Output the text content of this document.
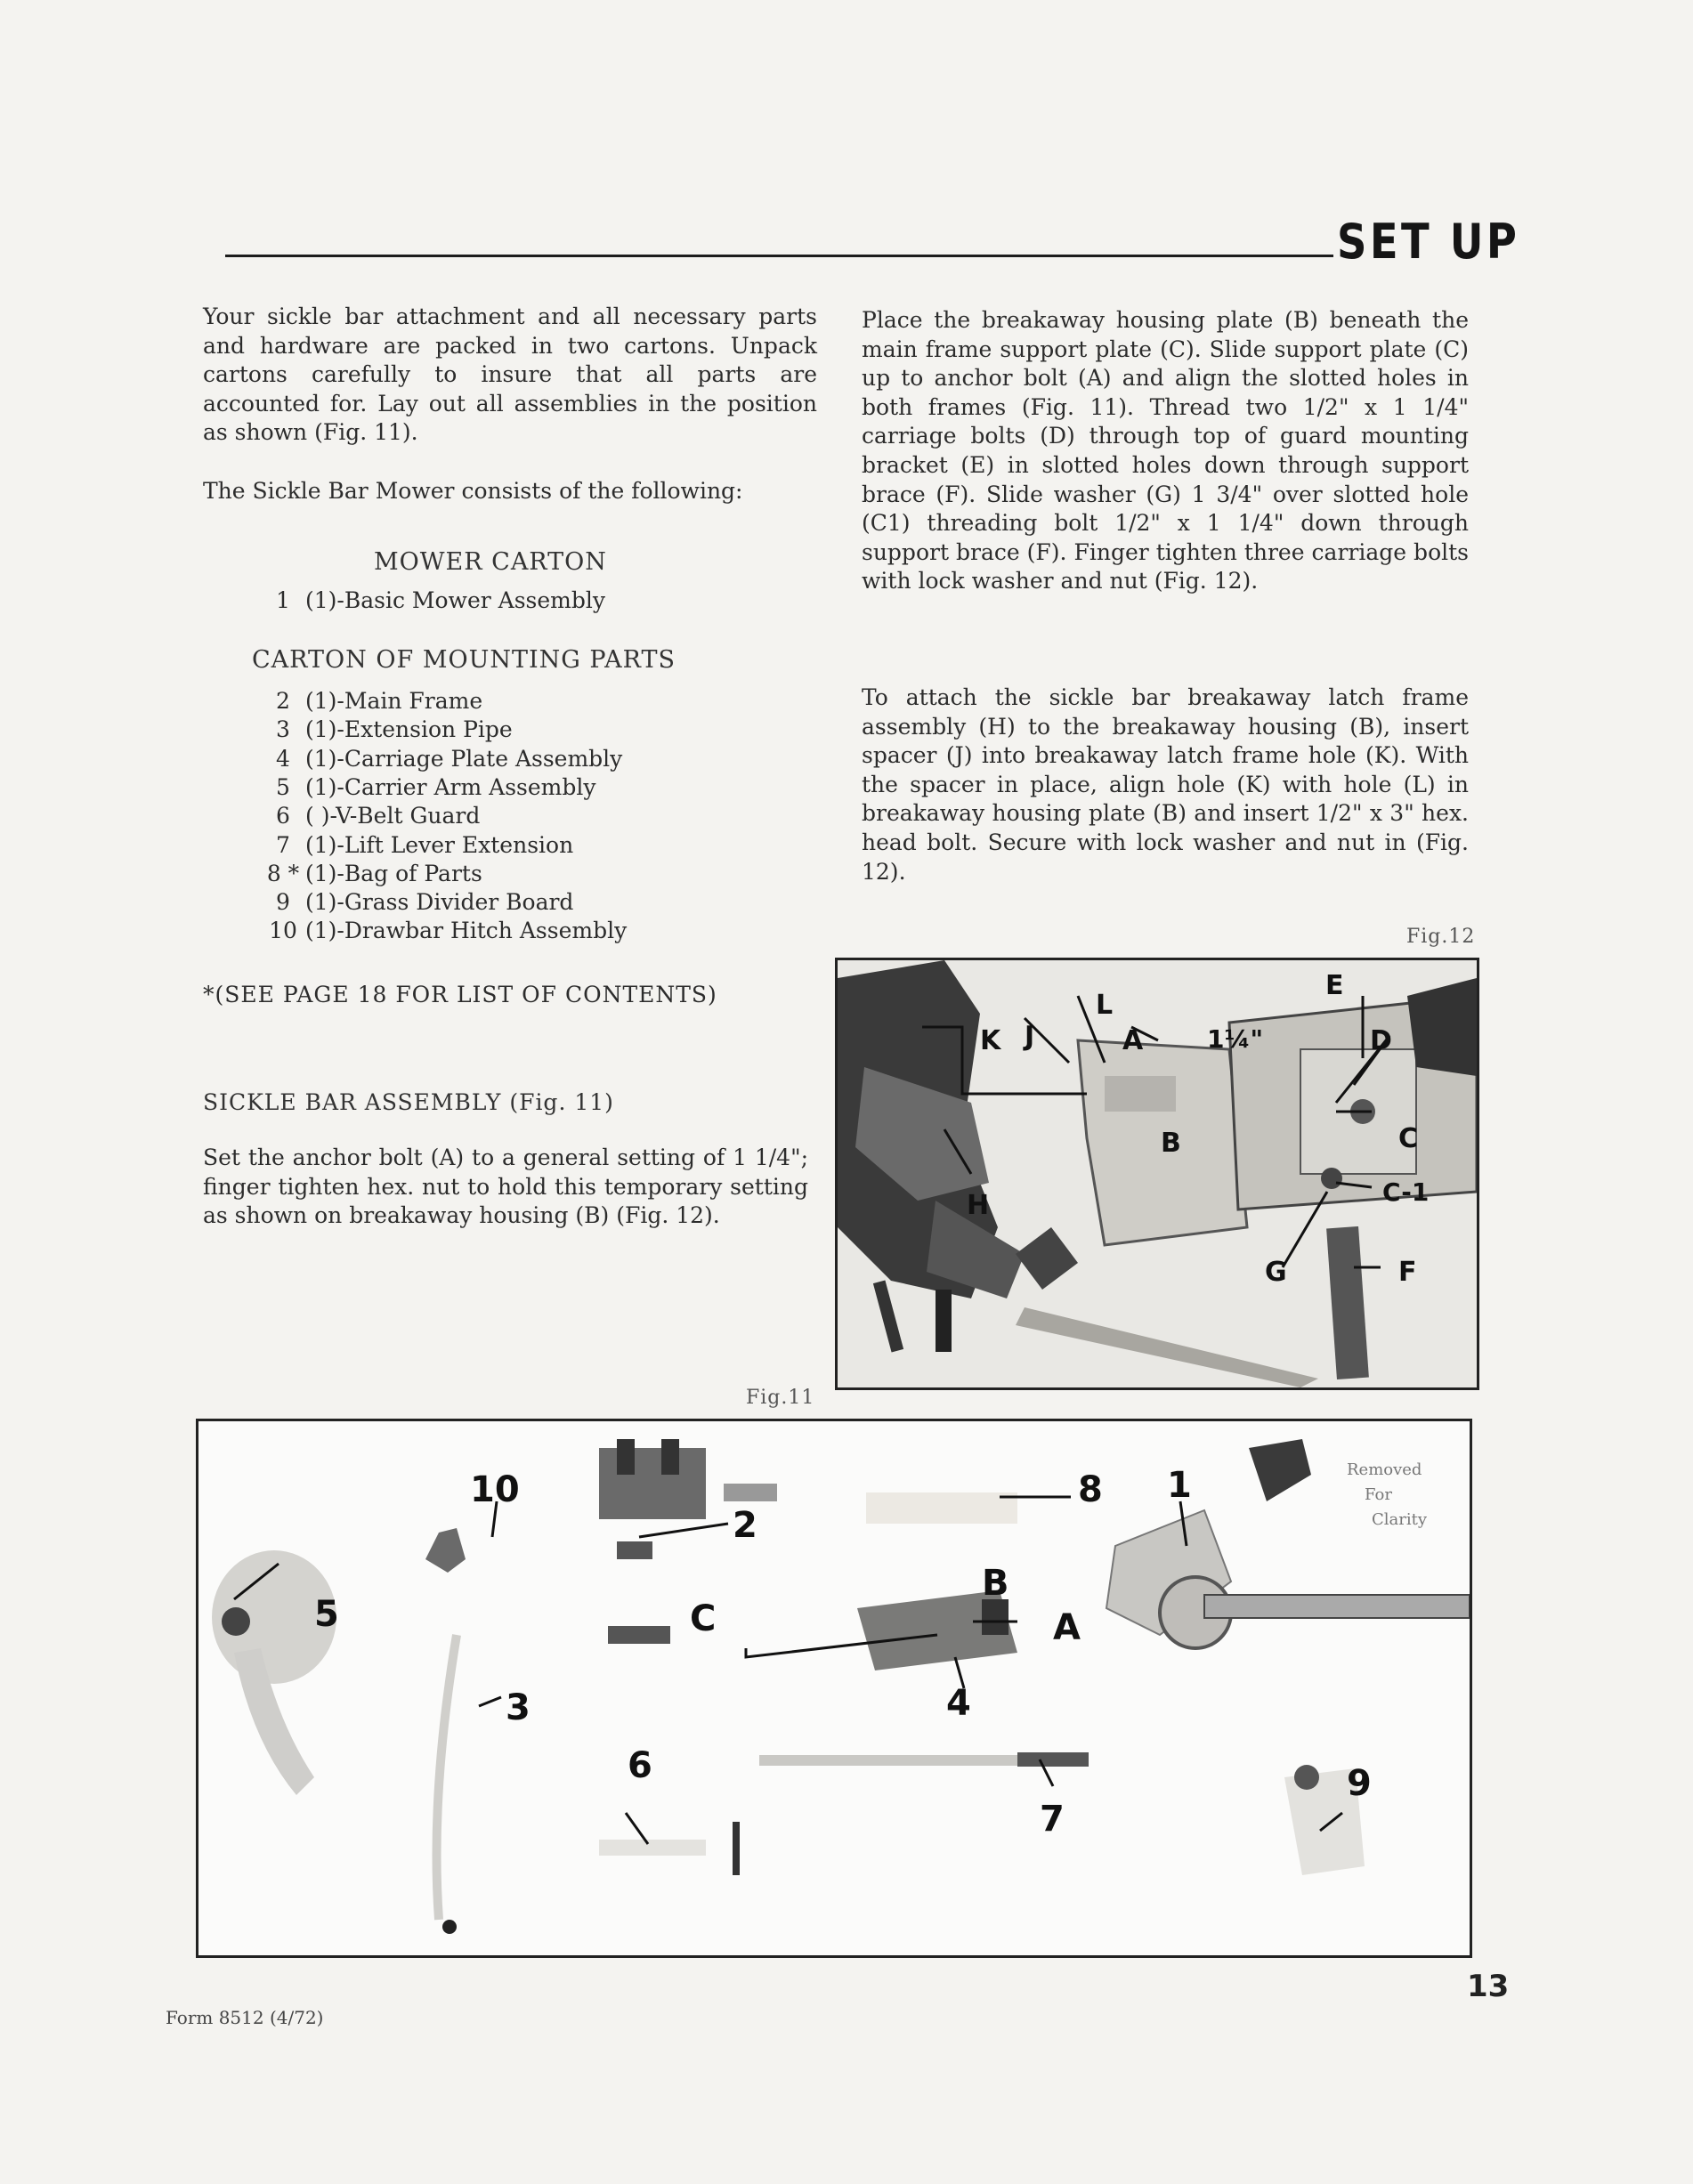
SET UP

Your sickle bar attachment and all necessary parts and hardware are packed in two cartons. Unpack cartons carefully to insure that all parts are accounted for. Lay out all assemblies in the position as shown (Fig. 11).

The Sickle Bar Mower consists of the following:

MOWER CARTON
1 (1)-Basic Mower Assembly
CARTON OF MOUNTING PARTS
2 (1)-Main Frame
3 (1)-Extension Pipe
4 (1)-Carriage Plate Assembly
5 (1)-Carrier Arm Assembly
6 ( )-V-Belt Guard
7 (1)-Lift Lever Extension
8 * (1)-Bag of Parts
9 (1)-Grass Divider Board
10 (1)-Drawbar Hitch Assembly
*(SEE PAGE 18 FOR LIST OF CONTENTS)
SICKLE BAR ASSEMBLY (Fig. 11)

Set the anchor bolt (A) to a general setting of 1 1/4"; finger tighten hex. nut to hold this temporary setting as shown on breakaway housing (B) (Fig. 12).

Place the breakaway housing plate (B) beneath the main frame support plate (C). Slide support plate (C) up to anchor bolt (A) and align the slotted holes in both frames (Fig. 11). Thread two 1/2" x 1 1/4" carriage bolts (D) through top of guard mounting bracket (E) in slotted holes down through support brace (F). Slide washer (G) 1 3/4" over slotted hole (C1) threading bolt 1/2" x 1 1/4" down through support brace (F). Finger tighten three carriage bolts with lock washer and nut (Fig. 12).

To attach the sickle bar breakaway latch frame assembly (H) to the breakaway housing (B), insert spacer (J) into breakaway latch frame hole (K). With the spacer in place, align hole (K) with hole (L) in breakaway housing plate (B) and insert 1/2" x 3" hex. head bolt. Secure with lock washer and nut in (Fig. 12).

Fig.12
K J
L
A	1¼"
E
D
B	C
C-1
H
G	F
Fig.11
10
5
2
3
8 1
B
A
C
4
6
7
9
Removed
For
Clarity
Form 8512 (4/72)
13
